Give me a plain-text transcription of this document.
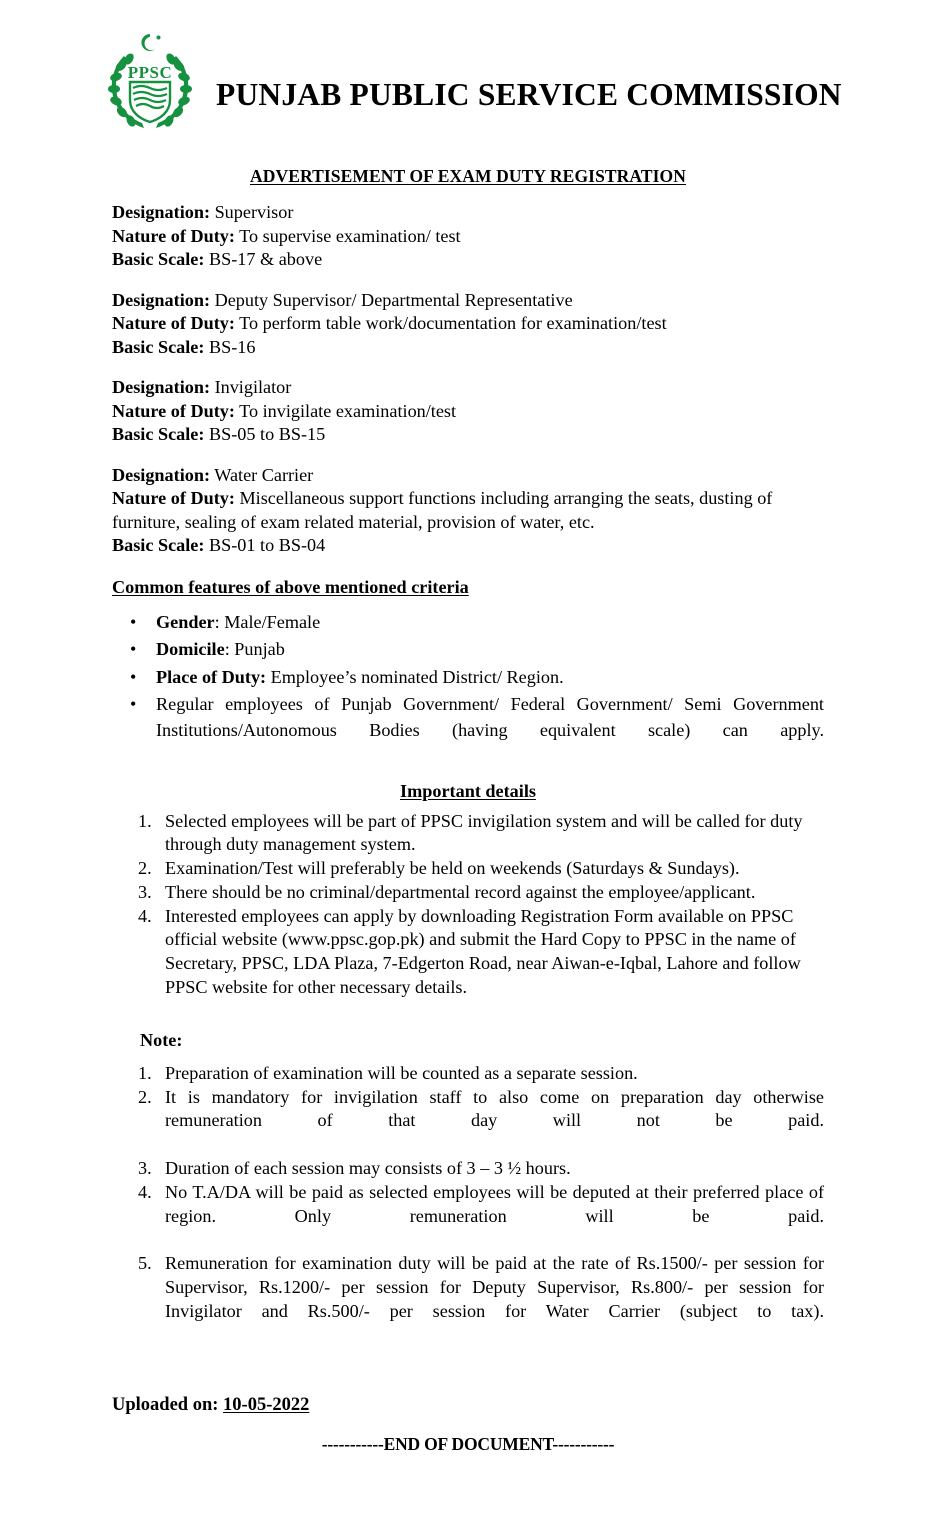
PPSC
PUNJAB PUBLIC SERVICE COMMISSION
ADVERTISEMENT OF EXAM DUTY REGISTRATION

Designation: Supervisor

Nature of Duty: To supervise examination/ test

Basic Scale: BS-17 & above

Designation: Deputy Supervisor/ Departmental Representative

Nature of Duty: To perform table work/documentation for examination/test

Basic Scale: BS-16

Designation: Invigilator

Nature of Duty: To invigilate examination/test

Basic Scale: BS-05 to BS-15

Designation: Water Carrier

Nature of Duty: Miscellaneous support functions including arranging the seats, dusting of furniture, sealing of exam related material, provision of water, etc.

Basic Scale: BS-01 to BS-04

Common features of above mentioned criteria
• Gender: Male/Female
• Domicile: Punjab
• Place of Duty: Employee’s nominated District/ Region.
• Regular employees of Punjab Government/ Federal Government/ Semi Government Institutions/Autonomous Bodies (having equivalent scale) can apply.
Important details
Selected employees will be part of PPSC invigilation system and will be called for duty through duty management system.
Examination/Test will preferably be held on weekends (Saturdays & Sundays).
There should be no criminal/departmental record against the employee/applicant.
Interested employees can apply by downloading Registration Form available on PPSC official website (www.ppsc.gop.pk) and submit the Hard Copy to PPSC in the name of Secretary, PPSC, LDA Plaza, 7-Edgerton Road, near Aiwan-e-Iqbal, Lahore and follow PPSC website for other necessary details.
Note:
Preparation of examination will be counted as a separate session.
It is mandatory for invigilation staff to also come on preparation day otherwise remuneration of that day will not be paid.
Duration of each session may consists of 3 – 3 ½ hours.
No T.A/DA will be paid as selected employees will be deputed at their preferred place of region. Only remuneration will be paid.
Remuneration for examination duty will be paid at the rate of Rs.1500/- per session for Supervisor, Rs.1200/- per session for Deputy Supervisor, Rs.800/- per session for Invigilator and Rs.500/- per session for Water Carrier (subject to tax).

Uploaded on: 10-05-2022

-----------END OF DOCUMENT-----------
